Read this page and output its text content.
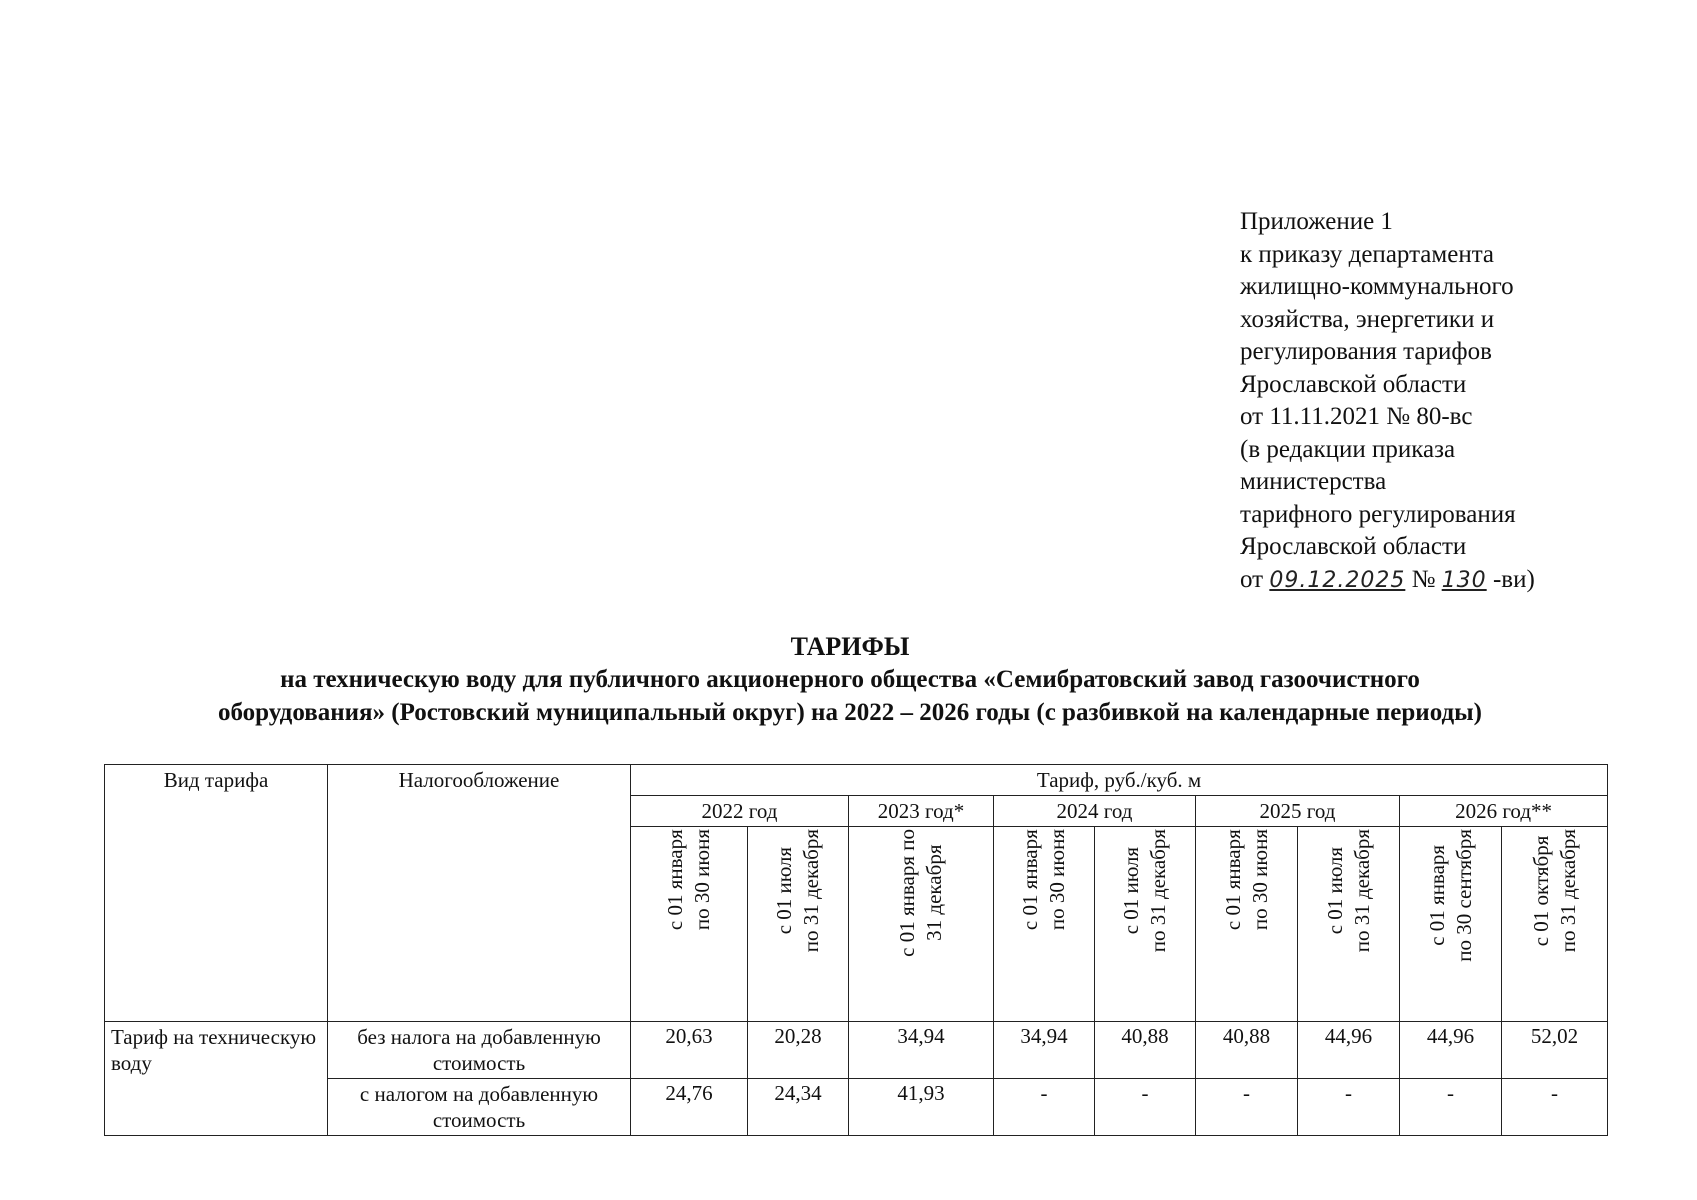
Приложение 1
к приказу департамента
жилищно-коммунального
хозяйства, энергетики и
регулирования тарифов
Ярославской области
от 11.11.2021 № 80-вс
(в редакции приказа
министерства
тарифного регулирования
Ярославской области
от 09.12.2025 № 130 -ви)
ТАРИФЫ
на техническую воду для публичного акционерного общества «Семибратовский завод газоочистного
оборудования» (Ростовский муниципальный округ) на 2022 – 2026 годы (с разбивкой на календарные периоды)
Вид тарифа	Налогообложение	Тариф, руб./куб. м								
		2022 год		2023 год*	2024 год		2025 год		2026 год**	

		с 01 января
по 30 июня	с 01 июля
по 31 декабря	с 01 января по
31 декабря	с 01 января
по 30 июня	с 01 июля
по 31 декабря	с 01 января
по 30 июня	с 01 июля
по 31 декабря	с 01 января
по 30 сентября	с 01 октября
по 31 декабря

Тариф на техническую воду	без налога на добавленную стоимость	20,63	20,28	34,94	34,94	40,88	40,88	44,96	44,96	52,02
	с налогом на добавленную стоимость	24,76	24,34	41,93	-	-	-	-	-	-
